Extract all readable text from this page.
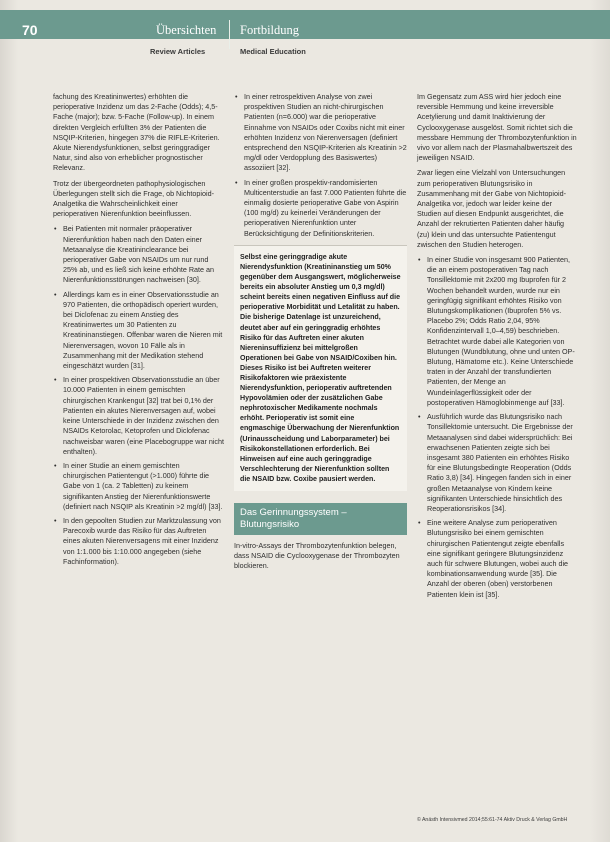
70	Übersichten Fortbildung
Review Articles	Medical Education

fachung des Kreatininwertes) erhöhten die perioperative Inzidenz um das 2-Fache (Odds); 4,5-Fache (major); bzw. 5-Fache (Follow-up). In einem direkten Vergleich erfüllten 3% der Patienten die NSQIP-Kriterien, hingegen 37% die RIFLE-Kriterien. Akute Nierendysfunktionen, selbst geringgradiger Natur, sind also von erheblicher prognostischer Relevanz.

Trotz der übergeordneten pathophysiologischen Überlegungen stellt sich die Frage, ob Nichtopioid-Analgetika die Wahrscheinlichkeit einer perioperativen Nierenfunktion beeinflussen.

• Bei Patienten mit normaler präoperativer Nierenfunktion haben nach den Daten einer Metaanalyse die Kreatininclearance bei perioperativer Gabe von NSAIDs um nur rund 25% ab, und es ließ sich keine erhöhte Rate an Nierenfunktionsstörungen nachweisen [30].
• Allerdings kam es in einer Observationsstudie an 970 Patienten, die orthopädisch operiert wurden, bei Diclofenac zu einem Anstieg des Kreatininwertes um 30 Patienten zu Kreatininanstiegen. Offenbar waren die Nieren mit Nierenversagen, wovon 10 Fälle als in Zusammenhang mit der Medikation stehend eingeschätzt wurden [31].
• In einer prospektiven Observationsstudie an über 10.000 Patienten in einem gemischten chirurgischen Krankengut [32] trat bei 0,1% der Patienten ein akutes Nierenversagen auf, wobei keine Unterschiede in der Inzidenz zwischen den NSAIDs Ketorolac, Ketoprofen und Diclofenac nachweisbar waren (eine Placebogruppe war nicht enthalten).
• In einer Studie an einem gemischten chirurgischen Patientengut (>1.000) führte die Gabe von 1 (ca. 2 Tabletten) zu keinem signifikanten Anstieg der Nierenfunktionswerte (definiert nach NSQIP als Kreatinin >2 mg/dl) [33].
• In den gepoolten Studien zur Marktzulassung von Parecoxib wurde das Risiko für das Auftreten eines akuten Nierenversagens mit einer Inzidenz von 1:1.000 bis 1:10.000 angegeben (siehe Fachinformation).
• In einer retrospektiven Analyse von zwei prospektiven Studien an nicht-chirurgischen Patienten (n=6.000) war die perioperative Einnahme von NSAIDs oder Coxibs nicht mit einer erhöhten Inzidenz von Nierenversagen (definiert entsprechend den NSQIP-Kriterien als Kreatinin >2 mg/dl oder Verdopplung des Basiswertes) assoziiert [32].
• In einer großen prospektiv-randomisierten Multicenterstudie an fast 7.000 Patienten führte die einmalig dosierte perioperative Gabe von Aspirin (100 mg/d) zu keinerlei Veränderungen der perioperativen Nierenfunktion unter Berücksichtigung der Definitionskriterien.
Selbst eine geringgradige akute Nierendysfunktion (Kreatininanstieg um 50% gegenüber dem Ausgangswert, möglicherweise bereits ein absoluter Anstieg um 0,3 mg/dl) scheint bereits einen negativen Einfluss auf die perioperative Morbidität und Letalität zu haben. Die bisherige Datenlage ist unzureichend, deutet aber auf ein geringgradig erhöhtes Risiko für das Auftreten einer akuten Niereninsuffizienz bei mittelgroßen Operationen bei Gabe von NSAID/Coxiben hin. Dieses Risiko ist bei Auftreten weiterer Risikofaktoren wie präexistente Nierendysfunktion, perioperativ auftretenden Hypovolämien oder der zusätzlichen Gabe nephrotoxischer Medikamente nochmals erhöht. Perioperativ ist somit eine engmaschige Überwachung der Nierenfunktion (Urinausscheidung und Laborparameter) bei Risikokonstellationen erforderlich. Bei Hinweisen auf eine auch geringgradige Verschlechterung der Nierenfunktion sollten die NSAID bzw. Coxibe pausiert werden.
Das Gerinnungssystem – Blutungsrisiko

In-vitro-Assays der Thrombozytenfunktion belegen, dass NSAID die Cyclooxygenase der Thrombozyten blockieren.

Im Gegensatz zum ASS wird hier jedoch eine reversible Hemmung und keine irreversible Acetylierung und damit Inaktivierung der Cyclooxygenase ausgelöst. Somit richtet sich die messbare Hemmung der Thrombozytenfunktion in vivo vor allem nach der Plasmahalbwertszeit des jeweiligen NSAID.

Zwar liegen eine Vielzahl von Untersuchungen zum perioperativen Blutungsrisiko in Zusammenhang mit der Gabe von Nichtopioid-Analgetika vor, jedoch war leider keine der Studien auf diesen Endpunkt ausgerichtet, die Anzahl der rekrutierten Patienten daher häufig (zu) klein und das untersuchte Patientengut zwischen den Studien heterogen.

• In einer Studie von insgesamt 900 Patienten, die an einem postoperativen Tag nach Tonsillektomie mit 2x200 mg Ibuprofen für 2 Wochen behandelt wurden, wurde nur ein geringfügig signifikant erhöhtes Risiko von Blutungskomplikationen (Ibuprofen 5% vs. Placebo 2%; Odds Ratio 2,04, 95% Konfidenzintervall 1,0–4,59) beschrieben. Betrachtet wurde dabei alle Kategorien von Blutungen (Wundblutung, ohne und unten OP-Blutung, Hämatome etc.). Keine Unterschiede traten in der Anzahl der transfundierten Patienten, der Menge an Wundeinlagerflüssigkeit oder der postoperativen Hämoglobinmenge auf [33].
• Ausführlich wurde das Blutungsrisiko nach Tonsillektomie untersucht. Die Ergebnisse der Metaanalysen sind dabei widersprüchlich: Bei erwachsenen Patienten zeigte sich bei insgesamt 380 Patienten ein erhöhtes Risiko für eine Blutungsbedingte Reoperation (Odds Ratio 3,8) [34]. Hingegen fanden sich in einer großen Metaanalyse von Kindern keine signifikanten Unterschiede hinsichtlich des Reoperationsrisikos [34].
• Eine weitere Analyse zum perioperativen Blutungsrisiko bei einem gemischten chirurgischen Patientengut zeigte ebenfalls eine signifikant geringere Blutungsinzidenz auch für schwere Blutungen, wobei auch die kombinationsanwendung wurde [35]. Die Anzahl der oberen (oben) verstorbenen Patienten klein ist [35].
© Anästh Intensivmed 2014;55:61-74 Aktiv Druck & Verlag GmbH
